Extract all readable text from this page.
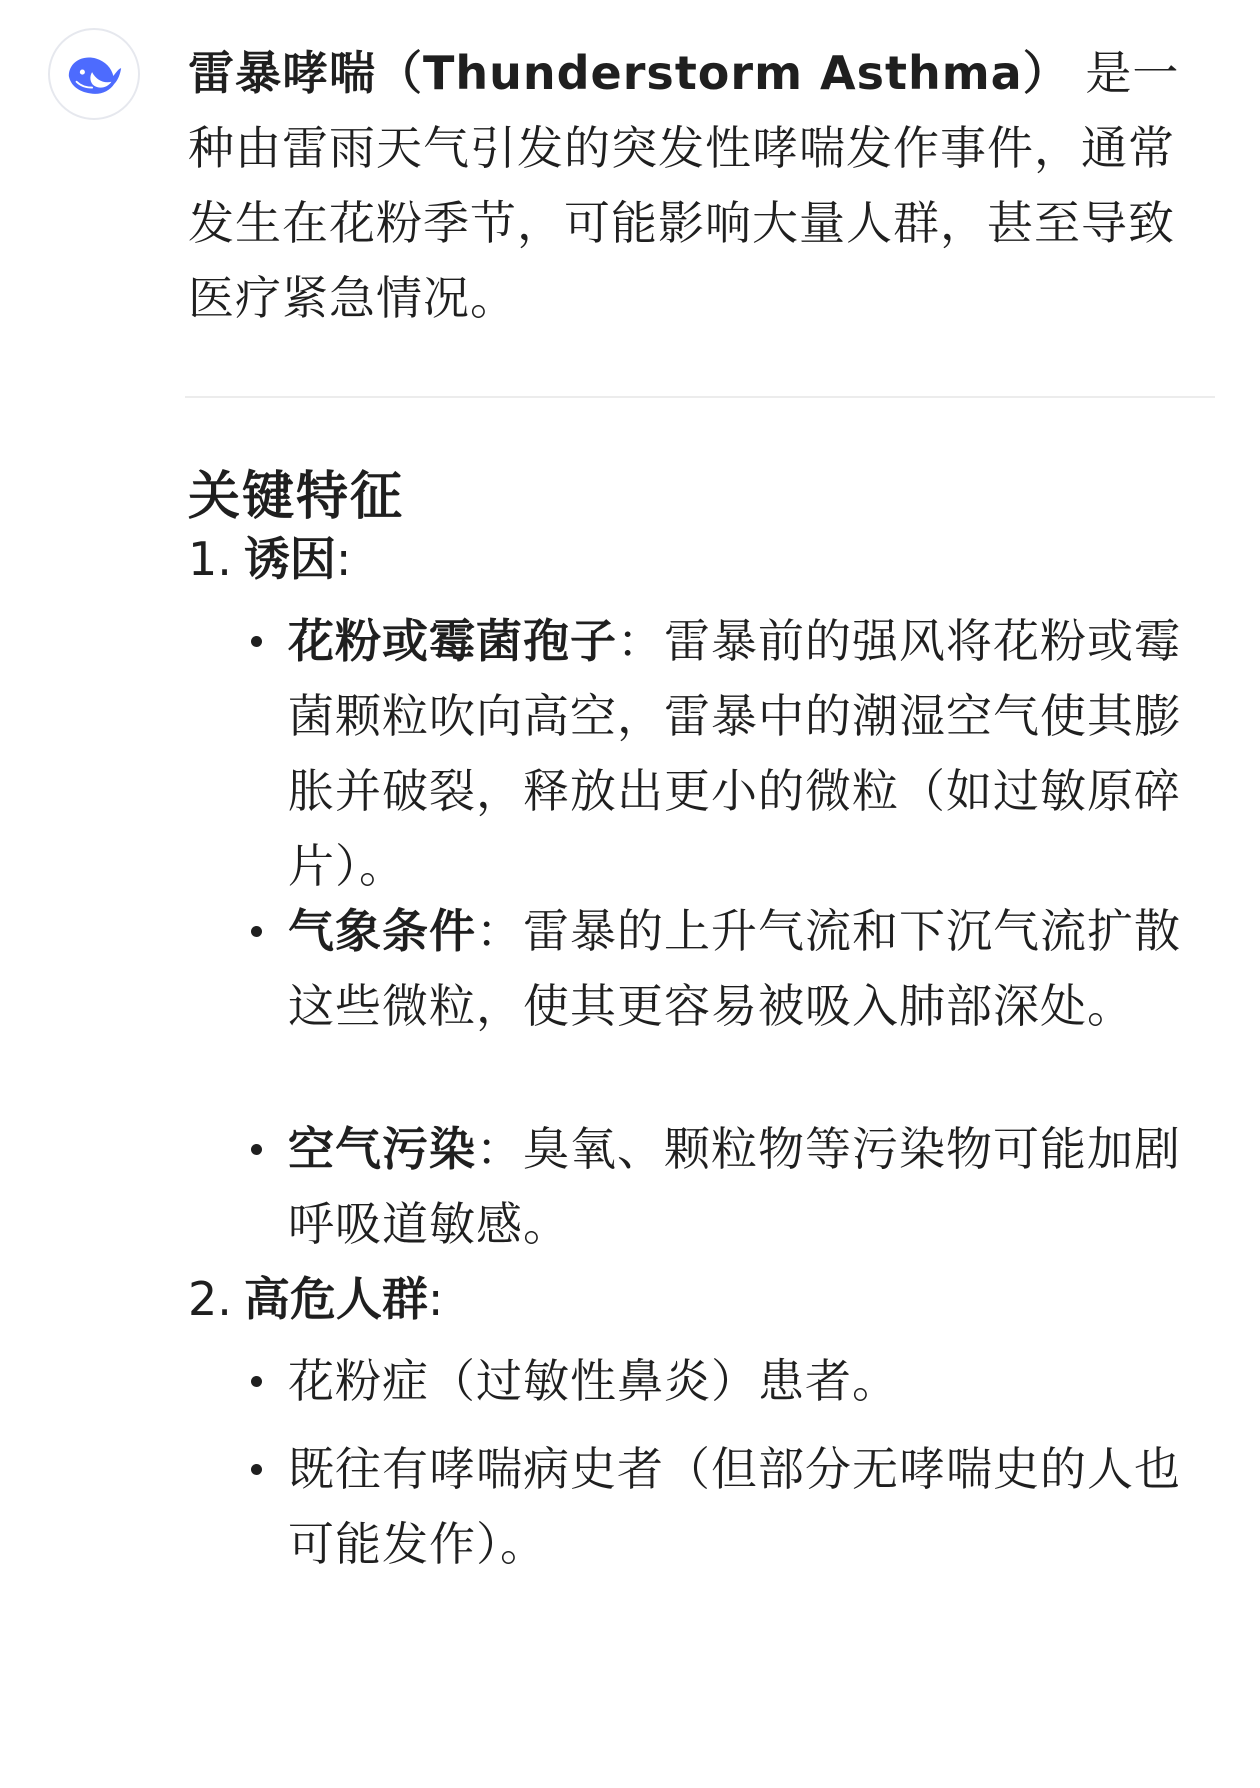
雷暴哮喘（Thunderstorm Asthma） 是一种由雷雨天气引发的突发性哮喘发作事件，通常发生在花粉季节，可能影响大量人群，甚至导致医疗紧急情况。

关键特征

1. 诱因:

花粉或霉菌孢子：雷暴前的强风将花粉或霉菌颗粒吹向高空，雷暴中的潮湿空气使其膨胀并破裂，释放出更小的微粒（如过敏原碎片）。
气象条件：雷暴的上升气流和下沉气流扩散这些微粒，使其更容易被吸入肺部深处。
空气污染：臭氧、颗粒物等污染物可能加剧呼吸道敏感。

2. 高危人群:

花粉症（过敏性鼻炎）患者。
既往有哮喘病史者（但部分无哮喘史的人也可能发作）。
